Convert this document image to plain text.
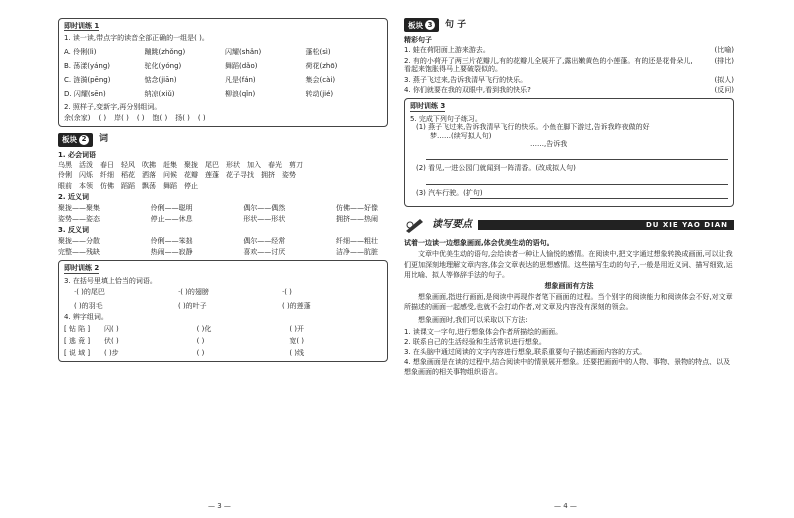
即时训练 1
1. 读一读,带点字的读音全部正确的一组是( )。
A. 伶俐(lì)	蹦跳(zhǒng)	闪耀(shǎn)	蓬松(sì)
B. 荡漾(yáng)	驼化(yóng)	舞蹈(dǎo)	荷花(zhō)
C. 涟漪(pēng)	惦念(jiān)	凡是(fán)	集会(cài)
D. 闪耀(sēn)	纳凉(xiǔ)	柳浪(qǐn)	转动(jié)
2. 照样子,变新字,再分别组词。
余(余家) ( ) 岸( ) ( ) 饱( ) 扬( ) ( )
板块 2 词
1. 必会词语
乌黑 活泼 春日 轻风 吹拂 赶集 聚拢 尾巴 形状 加入 春光 剪刀
伶俐 闪烁 纤细 稻花 洒落 问候 花瓣 莲蓬 花子寻找 拥挤 姿势
眼前 本领 仿佛 蹈蹈 飘荡 舞蹈 停止
2. 近义词
聚拢——聚集	伶俐——聪明	偶尔——偶然	仿佛——好像
姿势——姿态	停止——休息	形状——形状	拥挤——热闹
3. 反义词
聚拢——分散	伶俐——笨拙	偶尔——经常	纤细——粗壮
完整——残缺	热闹——寂静	喜欢——讨厌	洁净——肮脏
即时训练 2
3. 在括号里填上恰当的词语。
·( )的尾巴	·( )的翅膀	·( )
( )的羽毛	( )的叶子	( )的莲蓬
4. 辨字组词。
[ 钻 陷 ]	闪( )	( )化	( )开
[ 逃 竟 ]	伏( )	( )	宽( )
[ 说 域 ]	( )步	( )	( )线
— 3 —
板块 3 句 子
精彩句子
1. 蛙在荷阳面上游来游去。	(比喻)
2. 有的小荷开了两三片花瓣儿,有的花瓣儿全展开了,露出嫩黄色的小莲蓬。有的还是花骨朵儿,看起来饱胀得马上要破裂似的。
(排比)
3. 燕子飞过来,告诉我清早飞行的快乐。	(拟人)
4. 你们就要在我的双眼中,看到我的快乐?	(反问)
即时训练 3
5. 完成下列句子练习。
(1) 燕子飞过来,告诉我清早飞行的快乐。小鱼在脚下游过,告诉我昨夜做的好
梦……(续写拟人句)
……,告诉我
(2) 看见,一进公园门就闻到一阵清香。(改成拟人句)
(3) 汽车行驶。(扩句)
读写要点	DU XIE YAO DIAN
试着一边读一边想象画面,体会优美生动的语句。
文章中优美生动的语句,会给读者一种让人愉悦的感情。在阅读中,把文字通过想象转换成画面,可以让我们更加深刻地理解文章内容,体会文章表达的思想感情。这些描写生动的句子,一般是用近义词、描写细致,运用比喻、拟人等修辞手法的句子。
想象画面有方法
想象画面,指进行画面,是阅读中再现作者笔下画面的过程。当个别字的阅读能力和阅读体会不好,对文章所描述的画面一起感受,也就不会打动作者,对文章及内容没有深刻的领会。
想象画面时,我们可以采取以下方法:
1. 读课文一字句,进行想象体会作者所描绘的画面。
2. 联系自己的生活经验和生活常识进行想象。
3. 在头脑中通过阅读的文字内容进行想象,联系重要句子描述画面内容的方式。
4. 想象画面是在读的过程中,结合阅读中的情景展开想象。还要把画面中的人物、事物、景物的特点、以及想象画面的相关事物组织语言。
— 4 —
